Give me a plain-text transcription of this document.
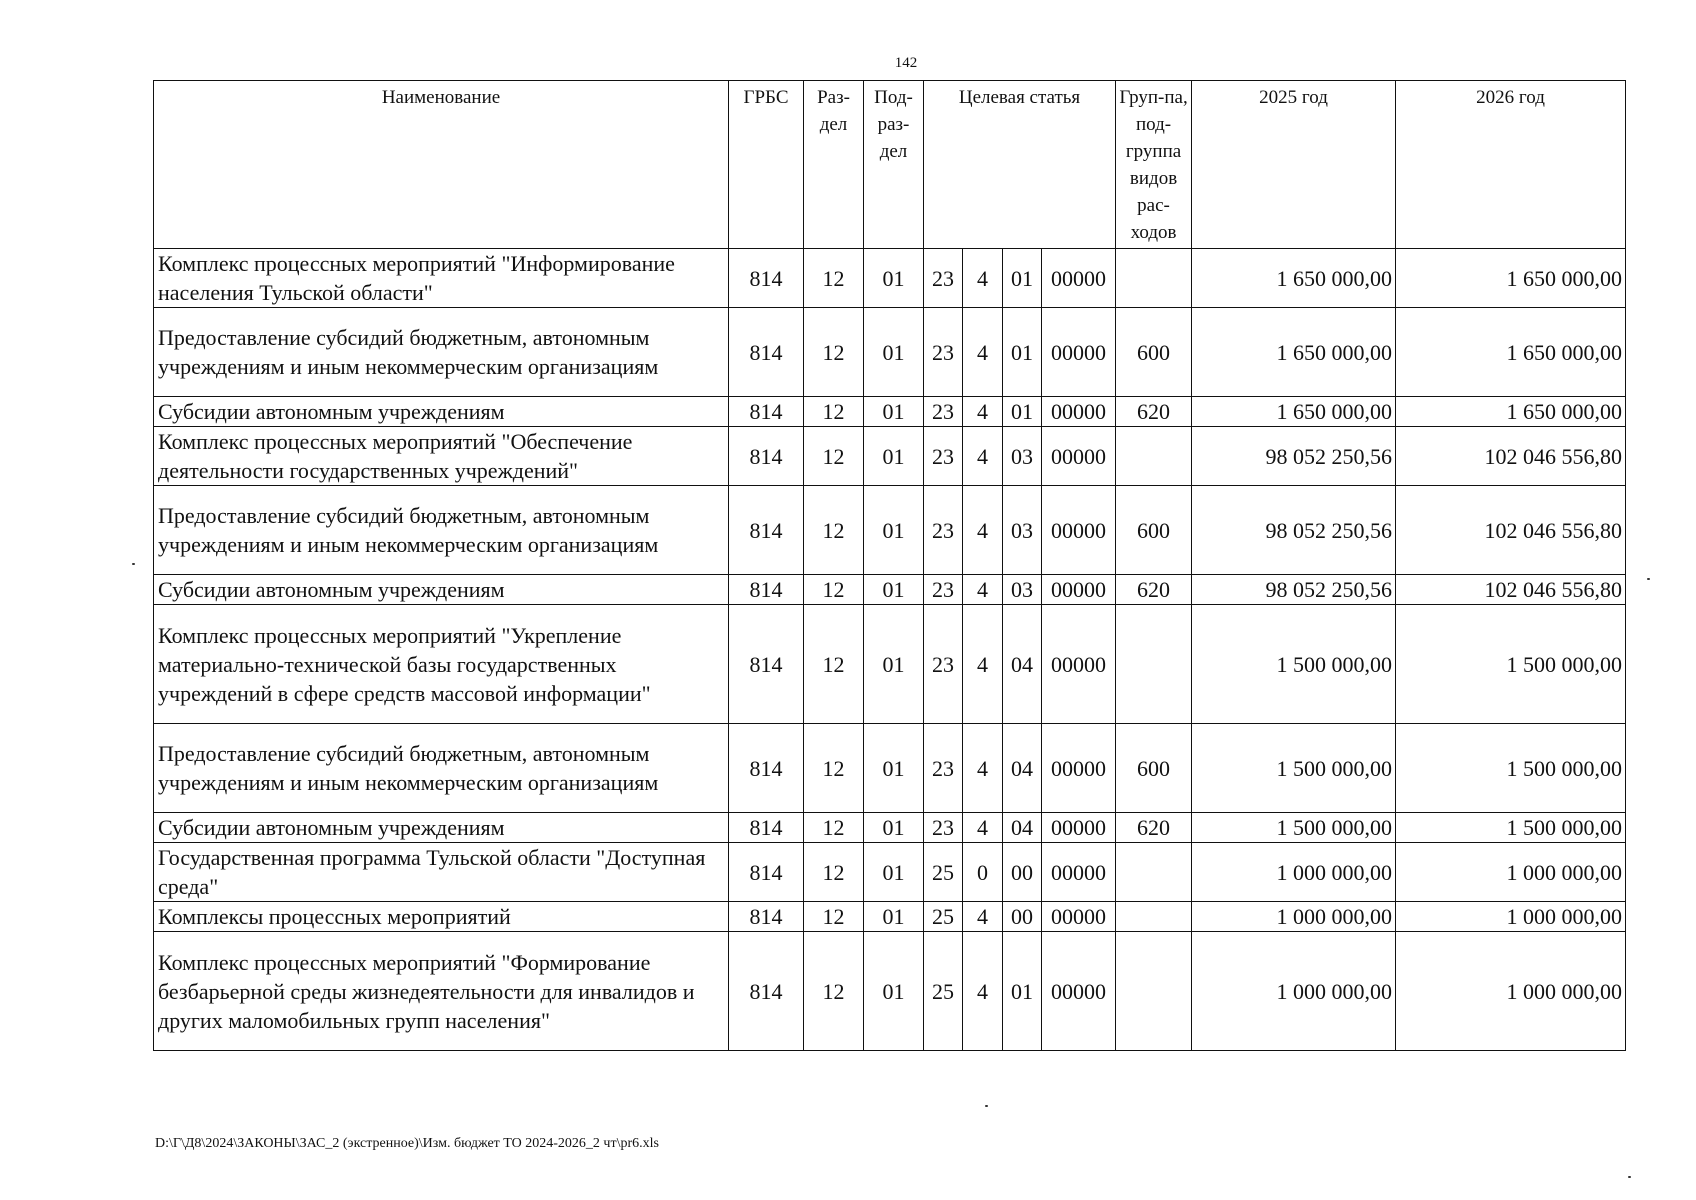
142
Наименование	ГРБС	Раз-дел	Под-раз-дел	Целевая статья				Груп-па, под-группа видов рас-ходов	2025 год	2026 год
Комплекс процессных мероприятий "Информирование населения Тульской области"	814	12	01	23	4	01	00000		1 650 000,00	1 650 000,00
Предоставление субсидий бюджетным, автономным учреждениям и иным некоммерческим организациям	814	12	01	23	4	01	00000	600	1 650 000,00	1 650 000,00
Субсидии автономным учреждениям	814	12	01	23	4	01	00000	620	1 650 000,00	1 650 000,00
Комплекс процессных мероприятий "Обеспечение деятельности государственных учреждений"	814	12	01	23	4	03	00000		98 052 250,56	102 046 556,80
Предоставление субсидий бюджетным, автономным учреждениям и иным некоммерческим организациям	814	12	01	23	4	03	00000	600	98 052 250,56	102 046 556,80
Субсидии автономным учреждениям	814	12	01	23	4	03	00000	620	98 052 250,56	102 046 556,80
Комплекс процессных мероприятий "Укрепление материально-технической базы государственных учреждений в сфере средств массовой информации"	814	12	01	23	4	04	00000		1 500 000,00	1 500 000,00
Предоставление субсидий бюджетным, автономным учреждениям и иным некоммерческим организациям	814	12	01	23	4	04	00000	600	1 500 000,00	1 500 000,00
Субсидии автономным учреждениям	814	12	01	23	4	04	00000	620	1 500 000,00	1 500 000,00
Государственная программа Тульской области "Доступная среда"	814	12	01	25	0	00	00000		1 000 000,00	1 000 000,00
Комплексы процессных мероприятий	814	12	01	25	4	00	00000		1 000 000,00	1 000 000,00
Комплекс процессных мероприятий "Формирование безбарьерной среды жизнедеятельности для инвалидов и других маломобильных групп населения"	814	12	01	25	4	01	00000		1 000 000,00	1 000 000,00
D:\Г\Д8\2024\ЗАКОНЫ\ЗАС_2 (экстренное)\Изм. бюджет ТО 2024-2026_2 чт\pr6.xls
